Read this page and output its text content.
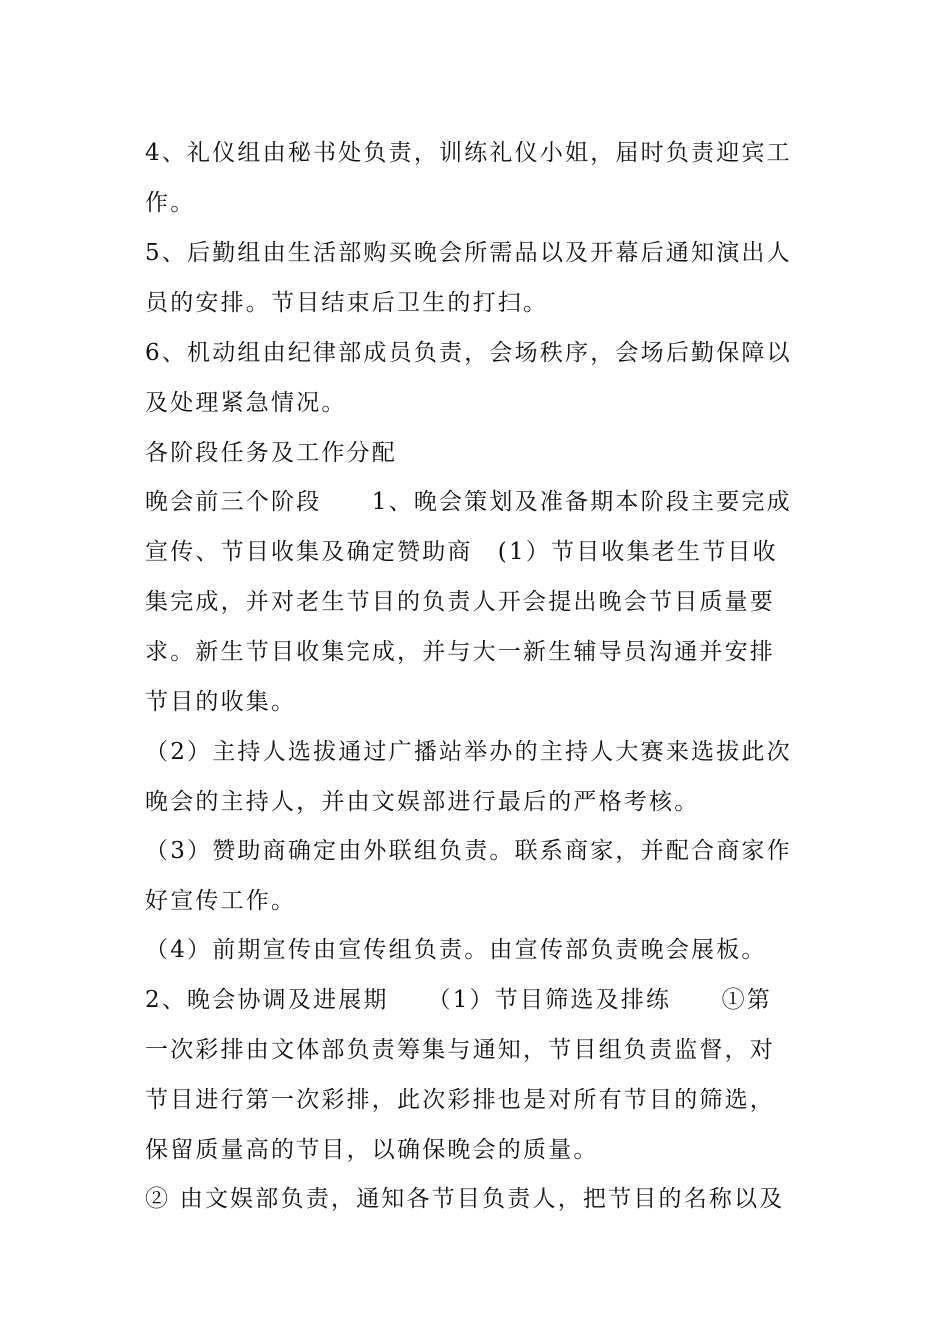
4、礼仪组由秘书处负责，训练礼仪小姐，届时负责迎宾工
作。

5、后勤组由生活部购买晚会所需品以及开幕后通知演出人
员的安排。节目结束后卫生的打扫。

6、机动组由纪律部成员负责，会场秩序，会场后勤保障以
及处理紧急情况。

各阶段任务及工作分配

晚会前三个阶段　　1、晚会策划及准备期本阶段主要完成
宣传、节目收集及确定赞助商　(1）节目收集老生节目收
集完成，并对老生节目的负责人开会提出晚会节目质量要
求。新生节目收集完成，并与大一新生辅导员沟通并安排
节目的收集。

（2）主持人选拔通过广播站举办的主持人大赛来选拔此次
晚会的主持人，并由文娱部进行最后的严格考核。

（3）赞助商确定由外联组负责。联系商家，并配合商家作
好宣传工作。

（4）前期宣传由宣传组负责。由宣传部负责晚会展板。

2、晚会协调及进展期　　（1）节目筛选及排练　　①第
一次彩排由文体部负责筹集与通知，节目组负责监督，对
节目进行第一次彩排，此次彩排也是对所有节目的筛选，
保留质量高的节目，以确保晚会的质量。

② 由文娱部负责，通知各节目负责人，把节目的名称以及
